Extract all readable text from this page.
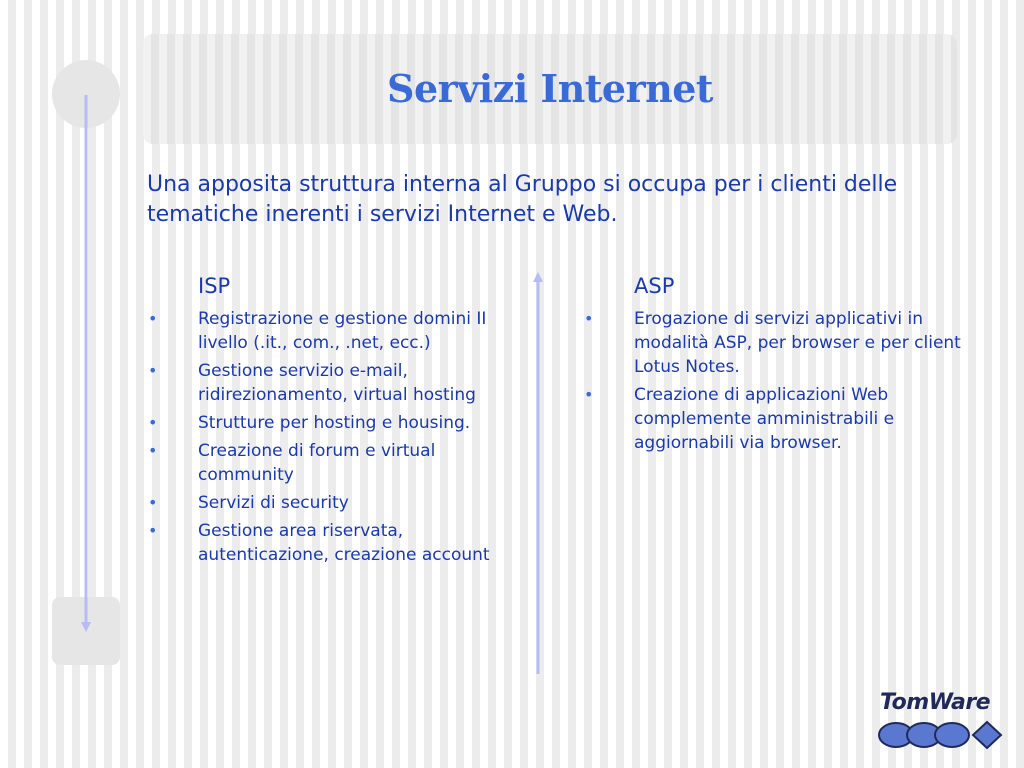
Servizi Internet

Una apposita struttura interna al Gruppo si occupa per i clienti delle tematiche inerenti i servizi Internet e Web.

ISP
• Registrazione e gestione domini II livello (.it., com., .net, ecc.)
• Gestione servizio e-mail, ridirezionamento, virtual hosting
• Strutture per hosting e housing.
• Creazione di forum e virtual community
• Servizi di security
• Gestione area riservata, autenticazione, creazione account
ASP
• Erogazione di servizi applicativi in modalità ASP, per browser e per client Lotus Notes.
• Creazione di applicazioni Web complemente amministrabili e aggiornabili via browser.

TomWare
